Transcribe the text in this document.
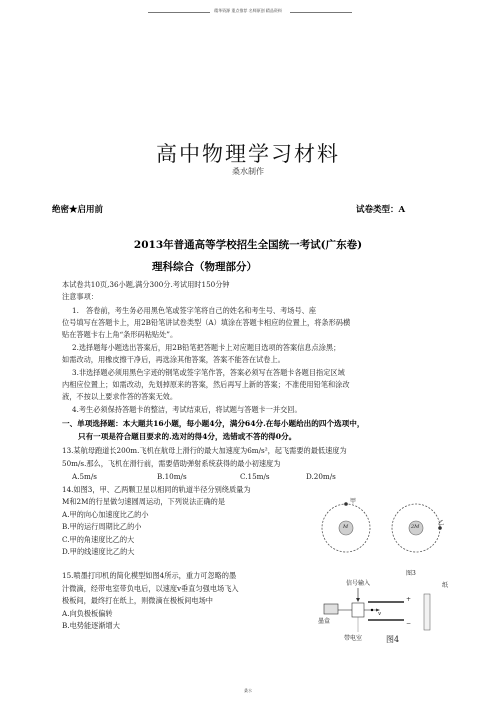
精华资源 重点推荐 名师原创 精品资料
高中物理学习材料
桑水制作
绝密★启用前	试卷类型：A
2013年普通高等学校招生全国统一考试(广东卷)
理科综合（物理部分）
本试卷共10页,36小题,满分300分.考试用时150分钟
注意事项：
1.　答卷前，考生务必用黑色笔或签字笔将自己的姓名和考生号、考场号、座
位号填写在答题卡上，用2B铅笔讲试卷类型（A）填涂在答题卡相应的位置上，将条形码横
贴在答题卡右上角“条形码粘贴处”。
2.选择题每小题选出答案后，用2B铅笔把答题卡上对应题目选项的答案信息点涂黑；
如需改动，用橡皮擦干净后，再选涂其他答案，答案不能答在试卷上。
3.非选择题必须用黑色字迹的钢笔或签字笔作答，答案必须写在答题卡各题目指定区域
内相应位置上；如需改动，先划掉原来的答案，然后再写上新的答案；不准使用铅笔和涂改
液，不按以上要求作答的答案无效。
4.考生必须保持答题卡的整洁，考试结束后，将试题与答题卡一并交回。
一、单项选择题：本大题共16小题，每小题4分，满分64分.在每小题给出的四个选项中，
只有一项是符合题目要求的.选对的得4分，选错或不答的得0分。
13.某航母跑道长200m.飞机在航母上滑行的最大加速度为6m/s²，起飞需要的最低速度为
50m/s.那么，飞机在滑行前，需要借助弹射系统获得的最小初速度为
A.5m/s	B.10m/s	C.15m/s	D.20m/s
14.如图3，甲、乙两颗卫星以相同的轨道半径分别绕质量为
M和2M的行星做匀速圆周运动，下列说法正确的是
A.甲的向心加速度比乙的小
B.甲的运行周期比乙的小
C.甲的角速度比乙的大
D.甲的线速度比乙的大
甲
乙
M	2M
图3
15.喷墨打印机的简化模型如图4所示，重力可忽略的墨
汁微滴，经带电室带负电后，以速度v垂直匀强电场飞入
极板间，最终打在纸上，则微滴在极板间电场中
A.向负极板偏转
B.电势能逐渐增大
信号输入	纸
墨盒
+
−
v
带电室	图4
桑水
